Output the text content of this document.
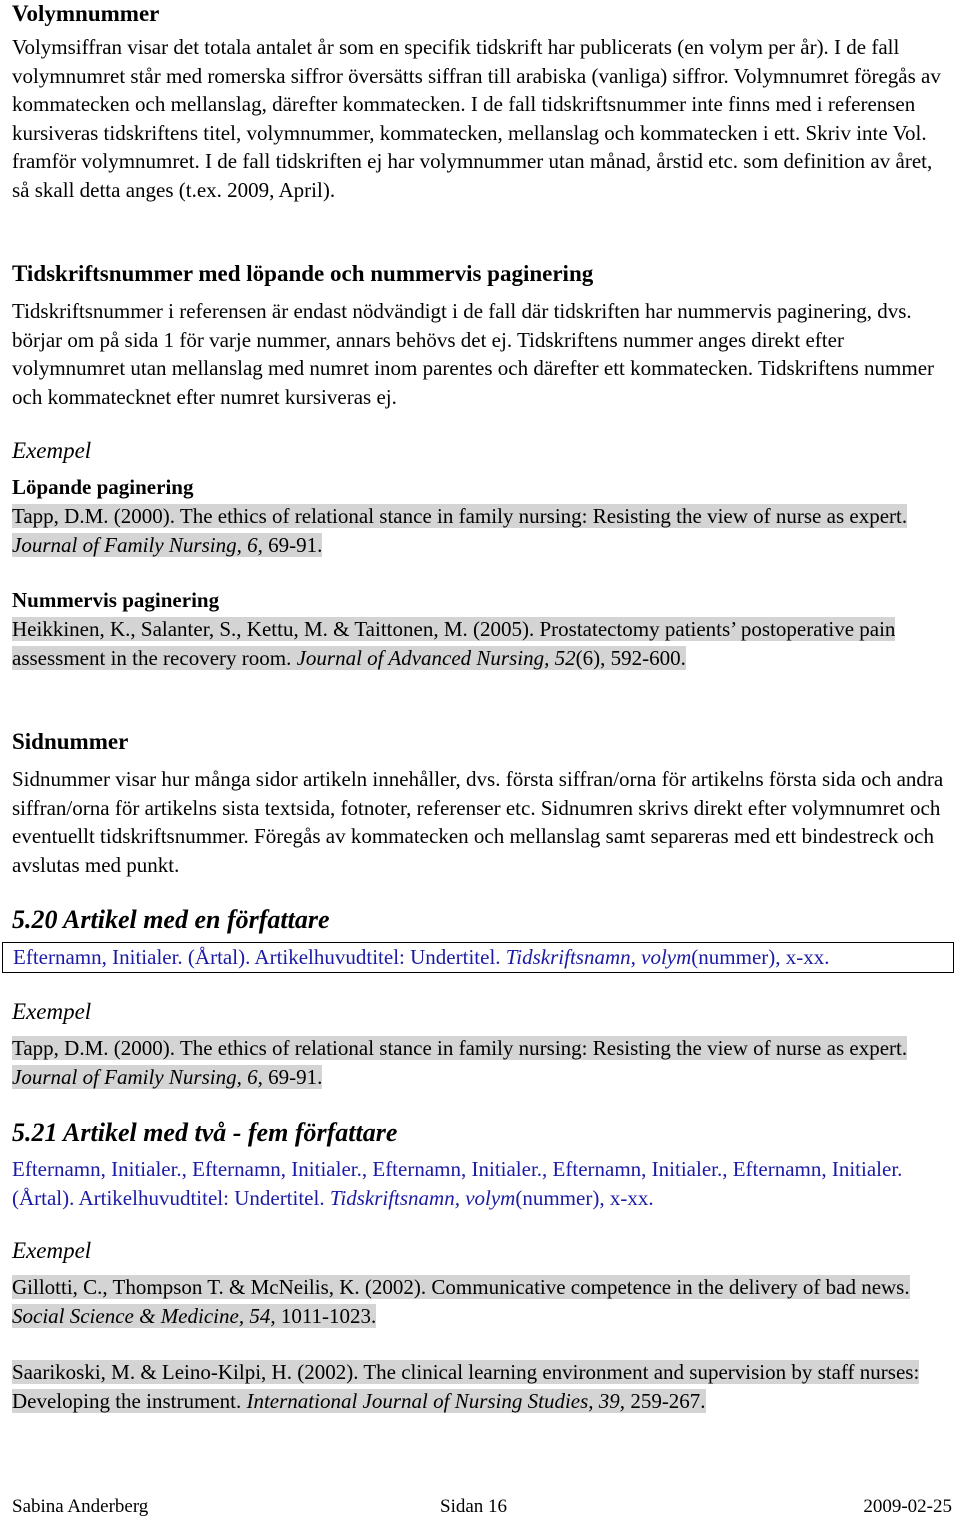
Volymnummer

Volymsiffran visar det totala antalet år som en specifik tidskrift har publicerats (en volym per år). I de fall volymnumret står med romerska siffror översätts siffran till arabiska (vanliga) siffror. Volymnumret föregås av kommatecken och mellanslag, därefter kommatecken. I de fall tidskriftsnummer inte finns med i referensen kursiveras tidskriftens titel, volymnummer, kommatecken, mellanslag och kommatecken i ett. Skriv inte Vol. framför volymnumret. I de fall tidskriften ej har volymnummer utan månad, årstid etc. som definition av året, så skall detta anges (t.ex. 2009, April).

Tidskriftsnummer med löpande och nummervis paginering

Tidskriftsnummer i referensen är endast nödvändigt i de fall där tidskriften har nummervis paginering, dvs. börjar om på sida 1 för varje nummer, annars behövs det ej. Tidskriftens nummer anges direkt efter volymnumret utan mellanslag med numret inom parentes och därefter ett kommatecken. Tidskriftens nummer och kommatecknet efter numret kursiveras ej.

Exempel
Löpande paginering

Tapp, D.M. (2000). The ethics of relational stance in family nursing: Resisting the view of nurse as expert. Journal of Family Nursing, 6, 69-91.

Nummervis paginering

Heikkinen, K., Salanter, S., Kettu, M. & Taittonen, M. (2005). Prostatectomy patients’ postoperative pain assessment in the recovery room. Journal of Advanced Nursing, 52(6), 592-600.

Sidnummer

Sidnummer visar hur många sidor artikeln innehåller, dvs. första siffran/orna för artikelns första sida och andra siffran/orna för artikelns sista textsida, fotnoter, referenser etc. Sidnumren skrivs direkt efter volymnumret och eventuellt tidskriftsnummer. Föregås av kommatecken och mellanslag samt separeras med ett bindestreck och avslutas med punkt.

5.20 Artikel med en författare
Efternamn, Initialer. (Årtal). Artikelhuvudtitel: Undertitel. Tidskriftsnamn, volym(nummer), x-xx.
Exempel

Tapp, D.M. (2000). The ethics of relational stance in family nursing: Resisting the view of nurse as expert. Journal of Family Nursing, 6, 69-91.

5.21 Artikel med två - fem författare
Efternamn, Initialer., Efternamn, Initialer., Efternamn, Initialer., Efternamn, Initialer., Efternamn, Initialer.(Årtal). Artikelhuvudtitel: Undertitel. Tidskriftsnamn, volym(nummer), x-xx.
Exempel

Gillotti, C., Thompson T. & McNeilis, K. (2002). Communicative competence in the delivery of bad news. Social Science & Medicine, 54, 1011-1023.

Saarikoski, M. & Leino-Kilpi, H. (2002). The clinical learning environment and supervision by staff nurses: Developing the instrument. International Journal of Nursing Studies, 39, 259-267.

Sabina Anderberg	Sidan 16	2009-02-25
